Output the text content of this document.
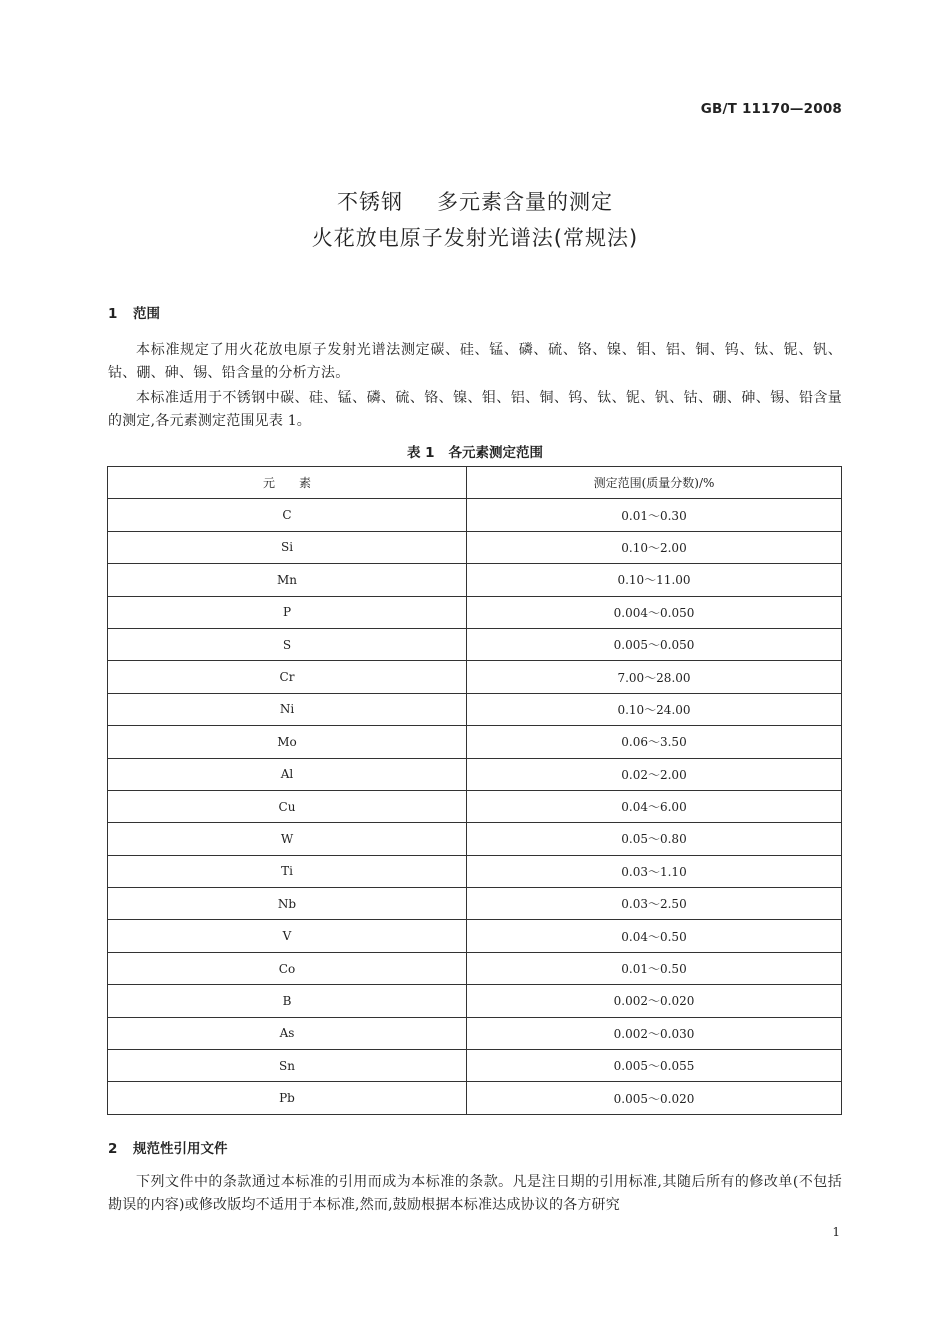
GB/T 11170—2008
不锈钢 多元素含量的测定
火花放电原子发射光谱法(常规法)
1 范围
本标准规定了用火花放电原子发射光谱法测定碳、硅、锰、磷、硫、铬、镍、钼、铝、铜、钨、钛、铌、钒、钴、硼、砷、锡、铅含量的分析方法。
本标准适用于不锈钢中碳、硅、锰、磷、硫、铬、镍、钼、铝、铜、钨、钛、铌、钒、钴、硼、砷、锡、铅含量的测定,各元素测定范围见表 1。
表 1 各元素测定范围
元　　素	测定范围(质量分数)/%
C	0.01～0.30
Si	0.10～2.00
Mn	0.10～11.00
P	0.004～0.050
S	0.005～0.050
Cr	7.00～28.00
Ni	0.10～24.00
Mo	0.06～3.50
Al	0.02～2.00
Cu	0.04～6.00
W	0.05～0.80
Ti	0.03～1.10
Nb	0.03～2.50
V	0.04～0.50
Co	0.01～0.50
B	0.002～0.020
As	0.002～0.030
Sn	0.005～0.055
Pb	0.005～0.020
2 规范性引用文件
下列文件中的条款通过本标准的引用而成为本标准的条款。凡是注日期的引用标准,其随后所有的修改单(不包括勘误的内容)或修改版均不适用于本标准,然而,鼓励根据本标准达成协议的各方研究
1
